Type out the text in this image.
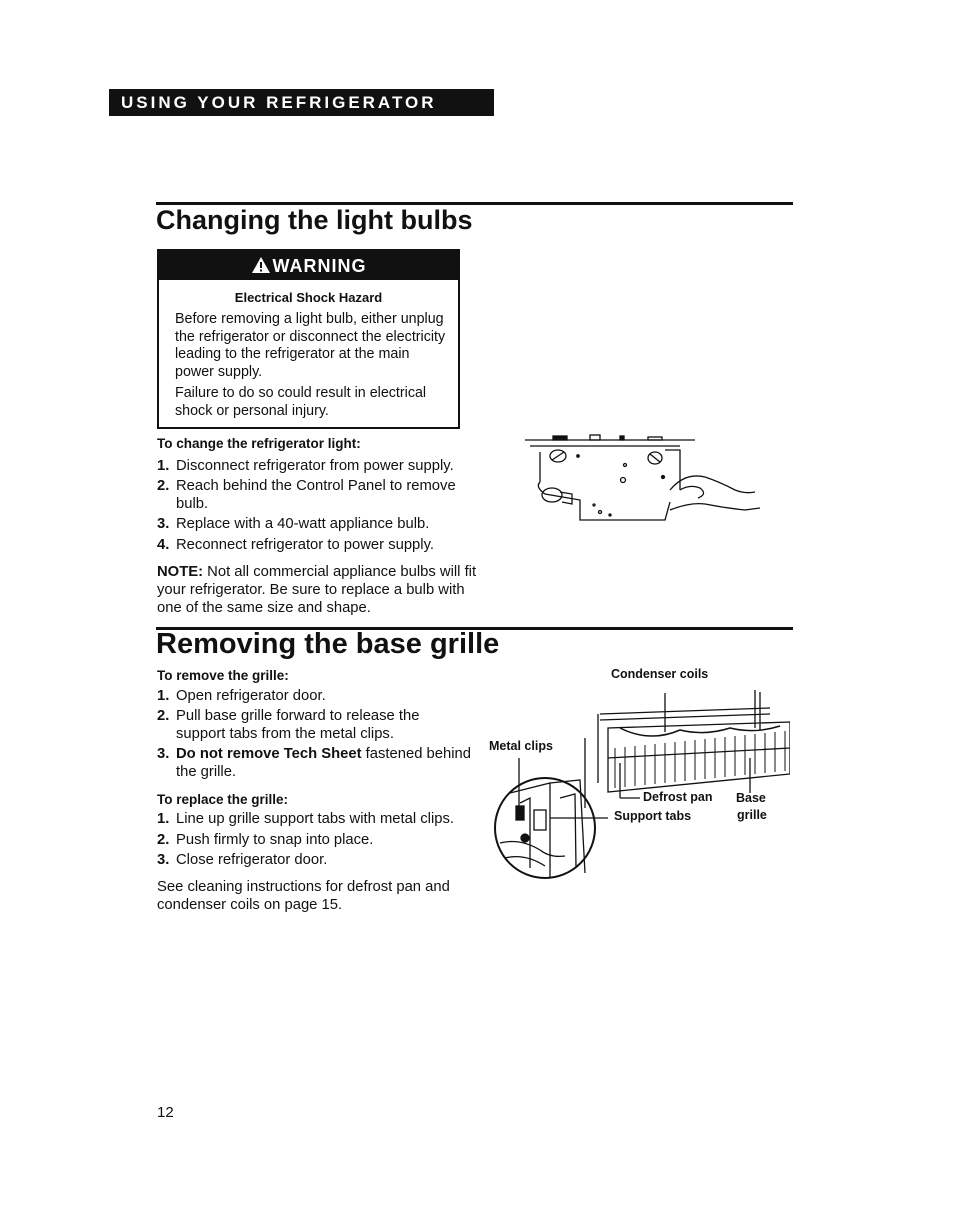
USING YOUR REFRIGERATOR
Changing the light bulbs
WARNING
Electrical Shock Hazard
Before removing a light bulb, either unplug the refrigerator or disconnect the electricity leading to the refrigerator at the main power supply.
Failure to do so could result in electrical shock or personal injury.
To change the refrigerator light:
1. Disconnect refrigerator from power supply.
2. Reach behind the Control Panel to remove bulb.
3. Replace with a 40-watt appliance bulb.
4. Reconnect refrigerator to power supply.
NOTE: Not all commercial appliance bulbs will fit your refrigerator. Be sure to replace a bulb with one of the same size and shape.
Removing the base grille
To remove the grille:
1. Open refrigerator door.
2. Pull base grille forward to release the support tabs from the metal clips.
3. Do not remove Tech Sheet fastened behind the grille.
To replace the grille:
1. Line up grille support tabs with metal clips.
2. Push firmly to snap into place.
3. Close refrigerator door.
See cleaning instructions for defrost pan and condenser coils on page 15.
Condenser coils
Metal clips
Defrost pan Base
grille
Support tabs
12
